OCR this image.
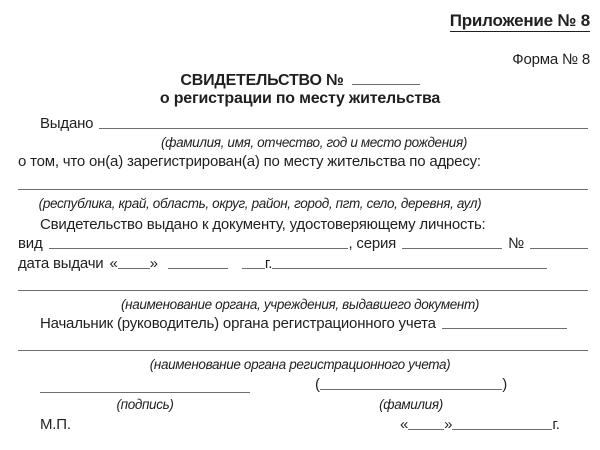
Приложение № 8
Форма № 8
СВИДЕТЕЛЬСТВО №
о регистрации по месту жительства
Выдано
(фамилия, имя, отчество, год и место рождения)
о том, что он(а) зарегистрирован(а) по месту жительства по адресу:
(республика, край, область, округ, район, город, пгт, село, деревня, аул)
Свидетельство выдано к документу, удостоверяющему личность:
вид	, серия	№
дата выдачи « »	г.
(наименование органа, учреждения, выдавшего документ)
Начальник (руководитель) органа регистрационного учета
(наименование органа регистрационного учета)
(	)
(подпись)	(фамилия)
М.П.	« »	г.
